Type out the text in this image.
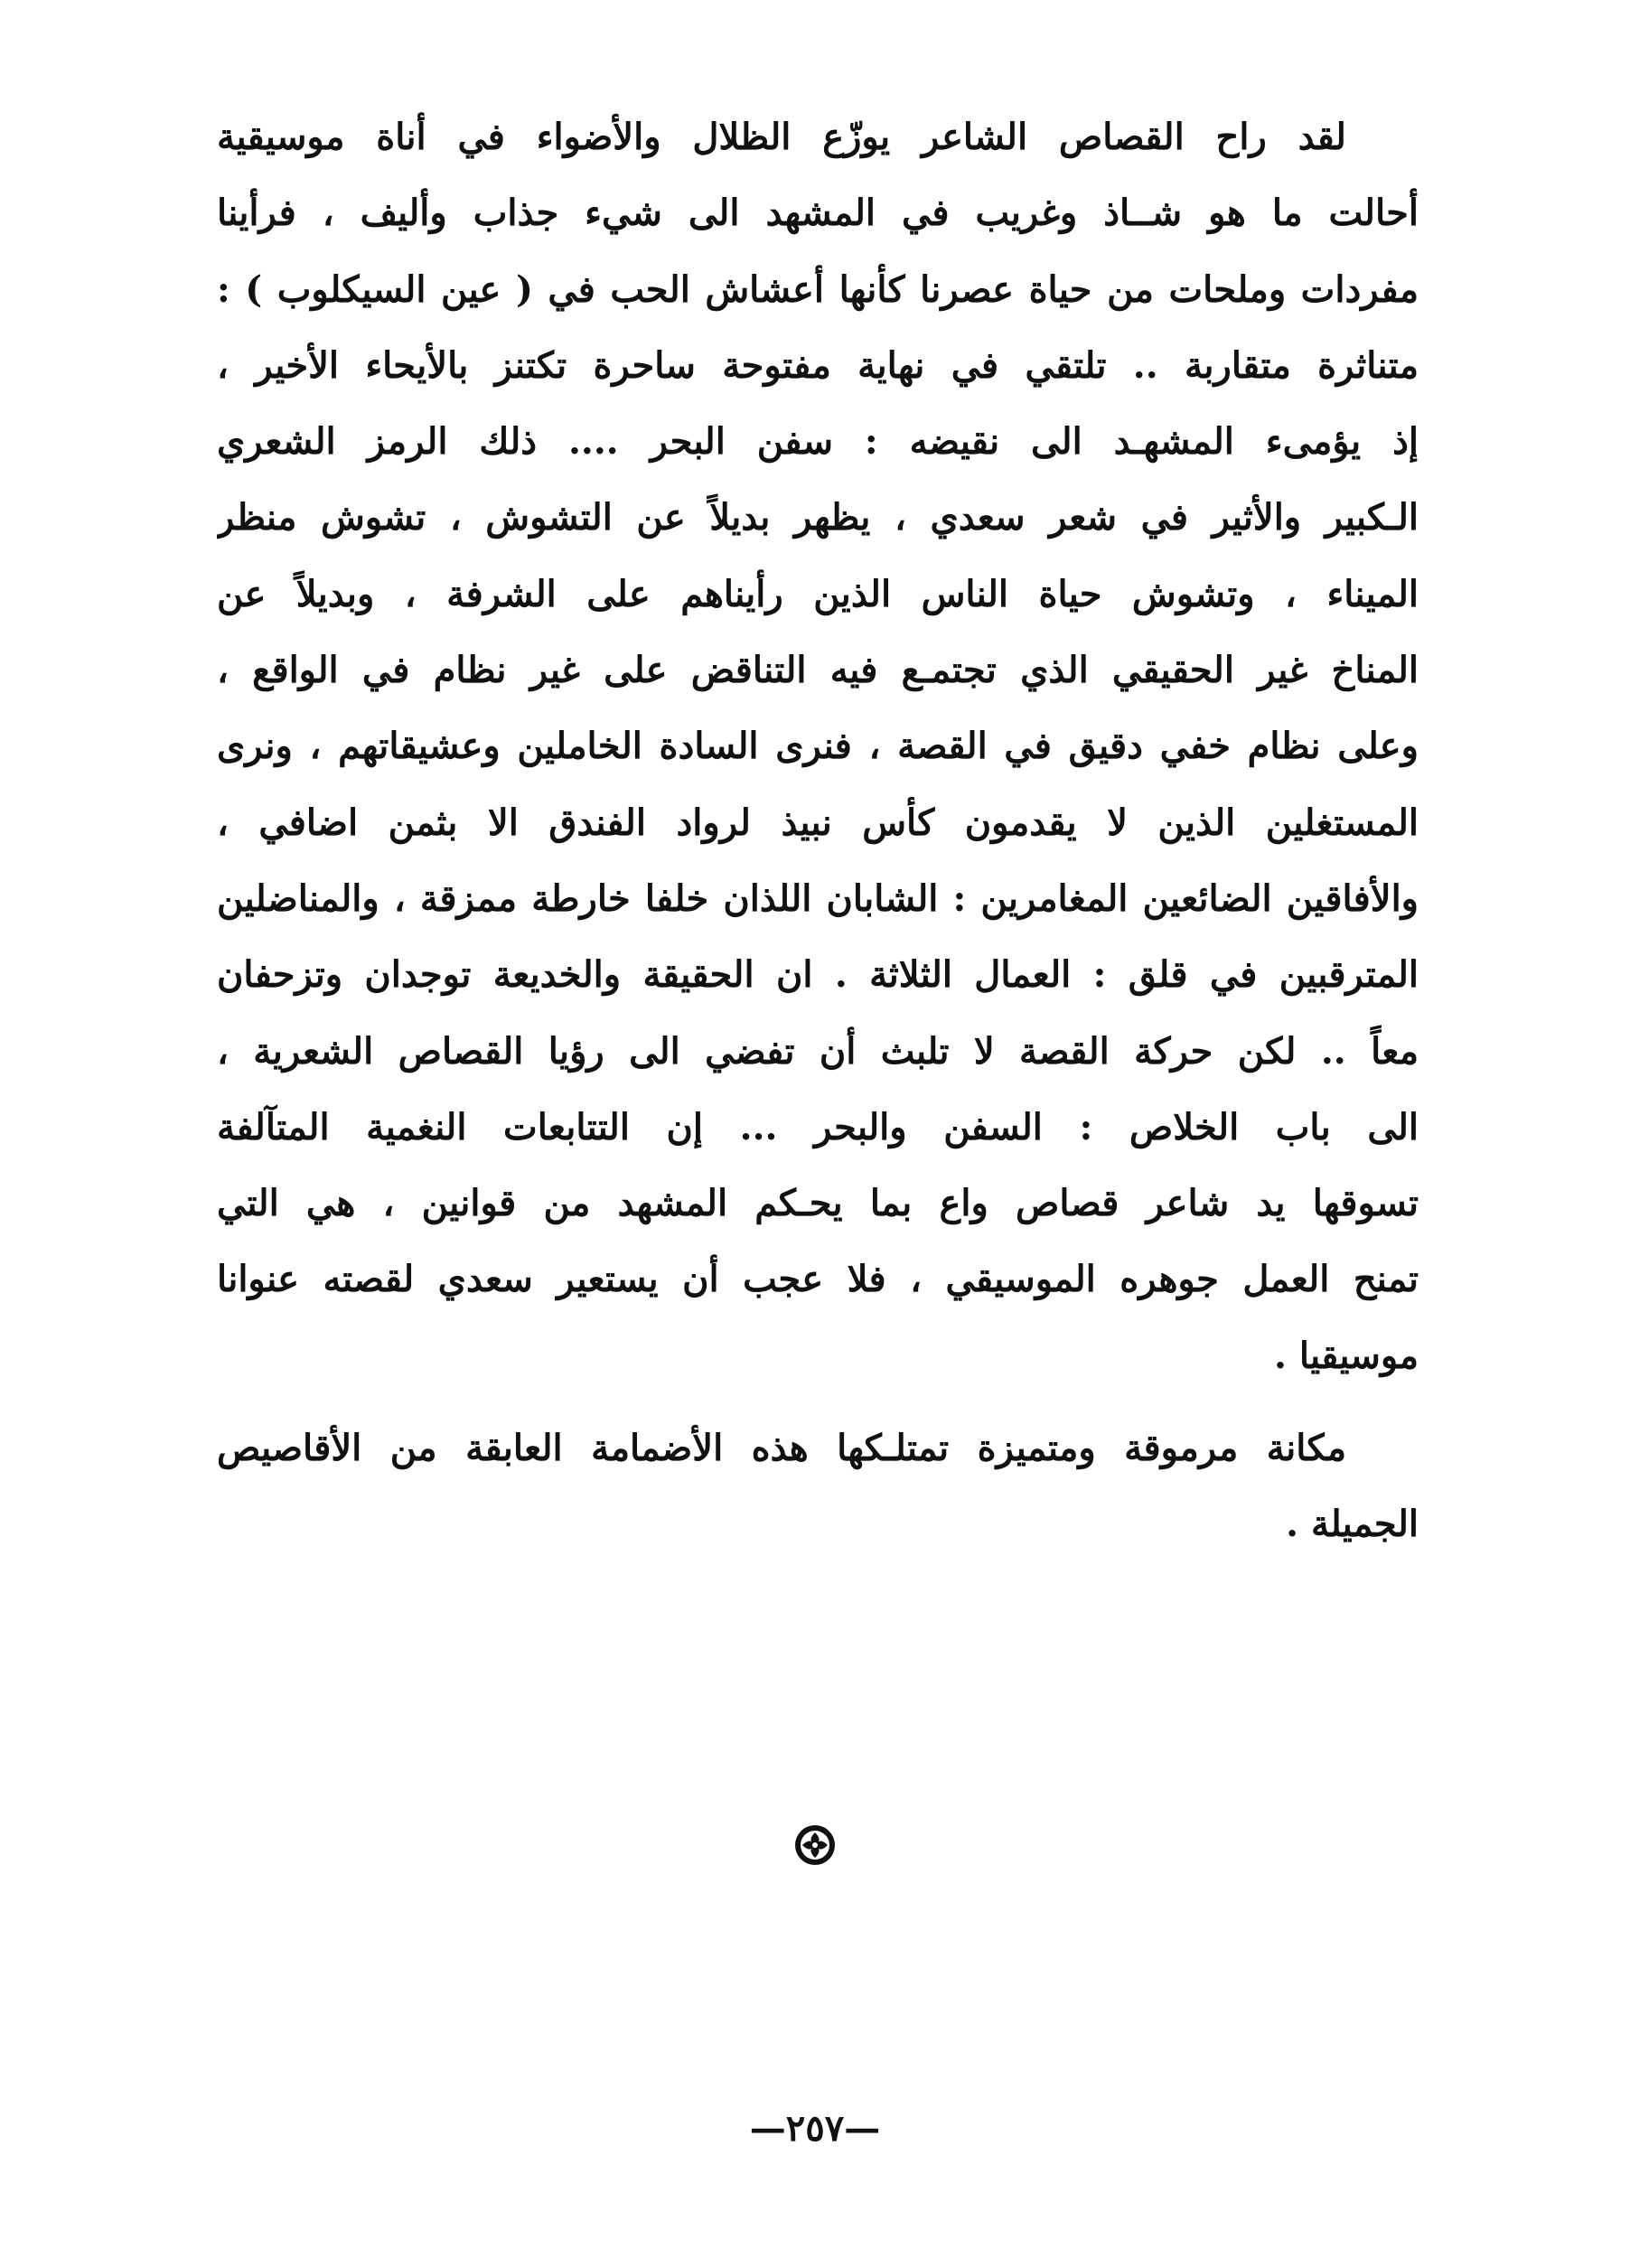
لقد راح القصاص الشاعر يوزّع الظلال والأضواء في أناة موسيقية
أحالت ما هو شــاذ وغريب في المشهد الى شيء جذاب وأليف ، فرأينا
مفردات وملحات من حياة عصرنا كأنها أعشاش الحب في ( عين السيكلوب ) :
متناثرة متقاربة .. تلتقي في نهاية مفتوحة ساحرة تكتنز بالأيحاء الأخير ،
إذ يؤمىء المشهـد الى نقيضه : سفن البحر .... ذلك الرمز الشعري
الـكبير والأثير في شعر سعدي ، يظهر بديلاً عن التشوش ، تشوش منظر
الميناء ، وتشوش حياة الناس الذين رأيناهم على الشرفة ، وبديلاً عن
المناخ غير الحقيقي الذي تجتمـع فيه التناقض على غير نظام في الواقع ،
وعلى نظام خفي دقيق في القصة ، فنرى السادة الخاملين وعشيقاتهم ، ونرى
المستغلين الذين لا يقدمون كأس نبيذ لرواد الفندق الا بثمن اضافي ،
والأفاقين الضائعين المغامرين : الشابان اللذان خلفا خارطة ممزقة ، والمناضلين
المترقبين في قلق : العمال الثلاثة . ان الحقيقة والخديعة توجدان وتزحفان
معاً .. لكن حركة القصة لا تلبث أن تفضي الى رؤيا القصاص الشعرية ،
الى باب الخلاص : السفن والبحر ... إن التتابعات النغمية المتآلفة
تسوقها يد شاعر قصاص واع بما يحـكم المشهد من قوانين ، هي التي
تمنح العمل جوهره الموسيقي ، فلا عجب أن يستعير سعدي لقصته عنوانا
موسيقيا .
مكانة مرموقة ومتميزة تمتلـكها هذه الأضمامة العابقة من الأقاصيص
الجميلة .
—٢٥٧—
